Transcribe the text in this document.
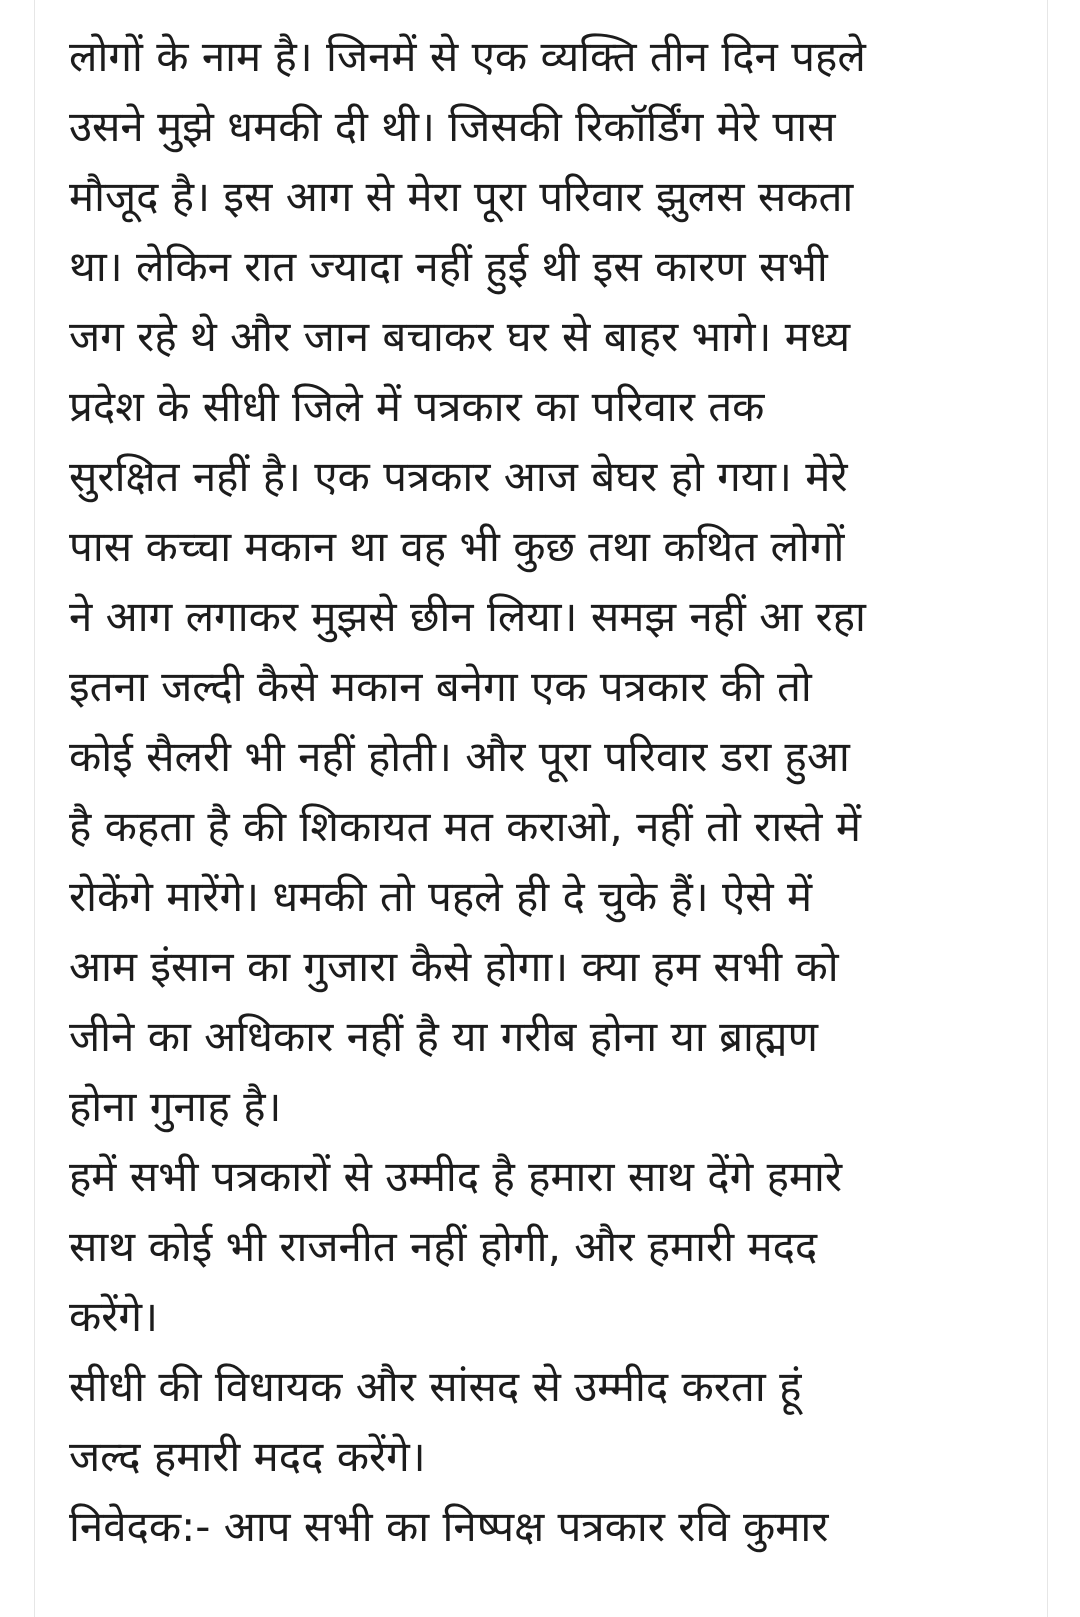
लोगों के नाम है। जिनमें से एक व्यक्ति तीन दिन पहले
उसने मुझे धमकी दी थी। जिसकी रिकॉर्डिंग मेरे पास
मौजूद है। इस आग से मेरा पूरा परिवार झुलस सकता
था। लेकिन रात ज्यादा नहीं हुई थी इस कारण सभी
जग रहे थे और जान बचाकर घर से बाहर भागे। मध्य
प्रदेश के सीधी जिले में पत्रकार का परिवार तक
सुरक्षित नहीं है। एक पत्रकार आज बेघर हो गया। मेरे
पास कच्चा मकान था वह भी कुछ तथा कथित लोगों
ने आग लगाकर मुझसे छीन लिया। समझ नहीं आ रहा
इतना जल्दी कैसे मकान बनेगा एक पत्रकार की तो
कोई सैलरी भी नहीं होती। और पूरा परिवार डरा हुआ
है कहता है की शिकायत मत कराओ, नहीं तो रास्ते में
रोकेंगे मारेंगे। धमकी तो पहले ही दे चुके हैं। ऐसे में
आम इंसान का गुजारा कैसे होगा। क्या हम सभी को
जीने का अधिकार नहीं है या गरीब होना या ब्राह्मण
होना गुनाह है।
हमें सभी पत्रकारों से उम्मीद है हमारा साथ देंगे हमारे
साथ कोई भी राजनीत नहीं होगी, और हमारी मदद
करेंगे।
सीधी की विधायक और सांसद से उम्मीद करता हूं
जल्द हमारी मदद करेंगे।
निवेदक:- आप सभी का निष्पक्ष पत्रकार रवि कुमार
